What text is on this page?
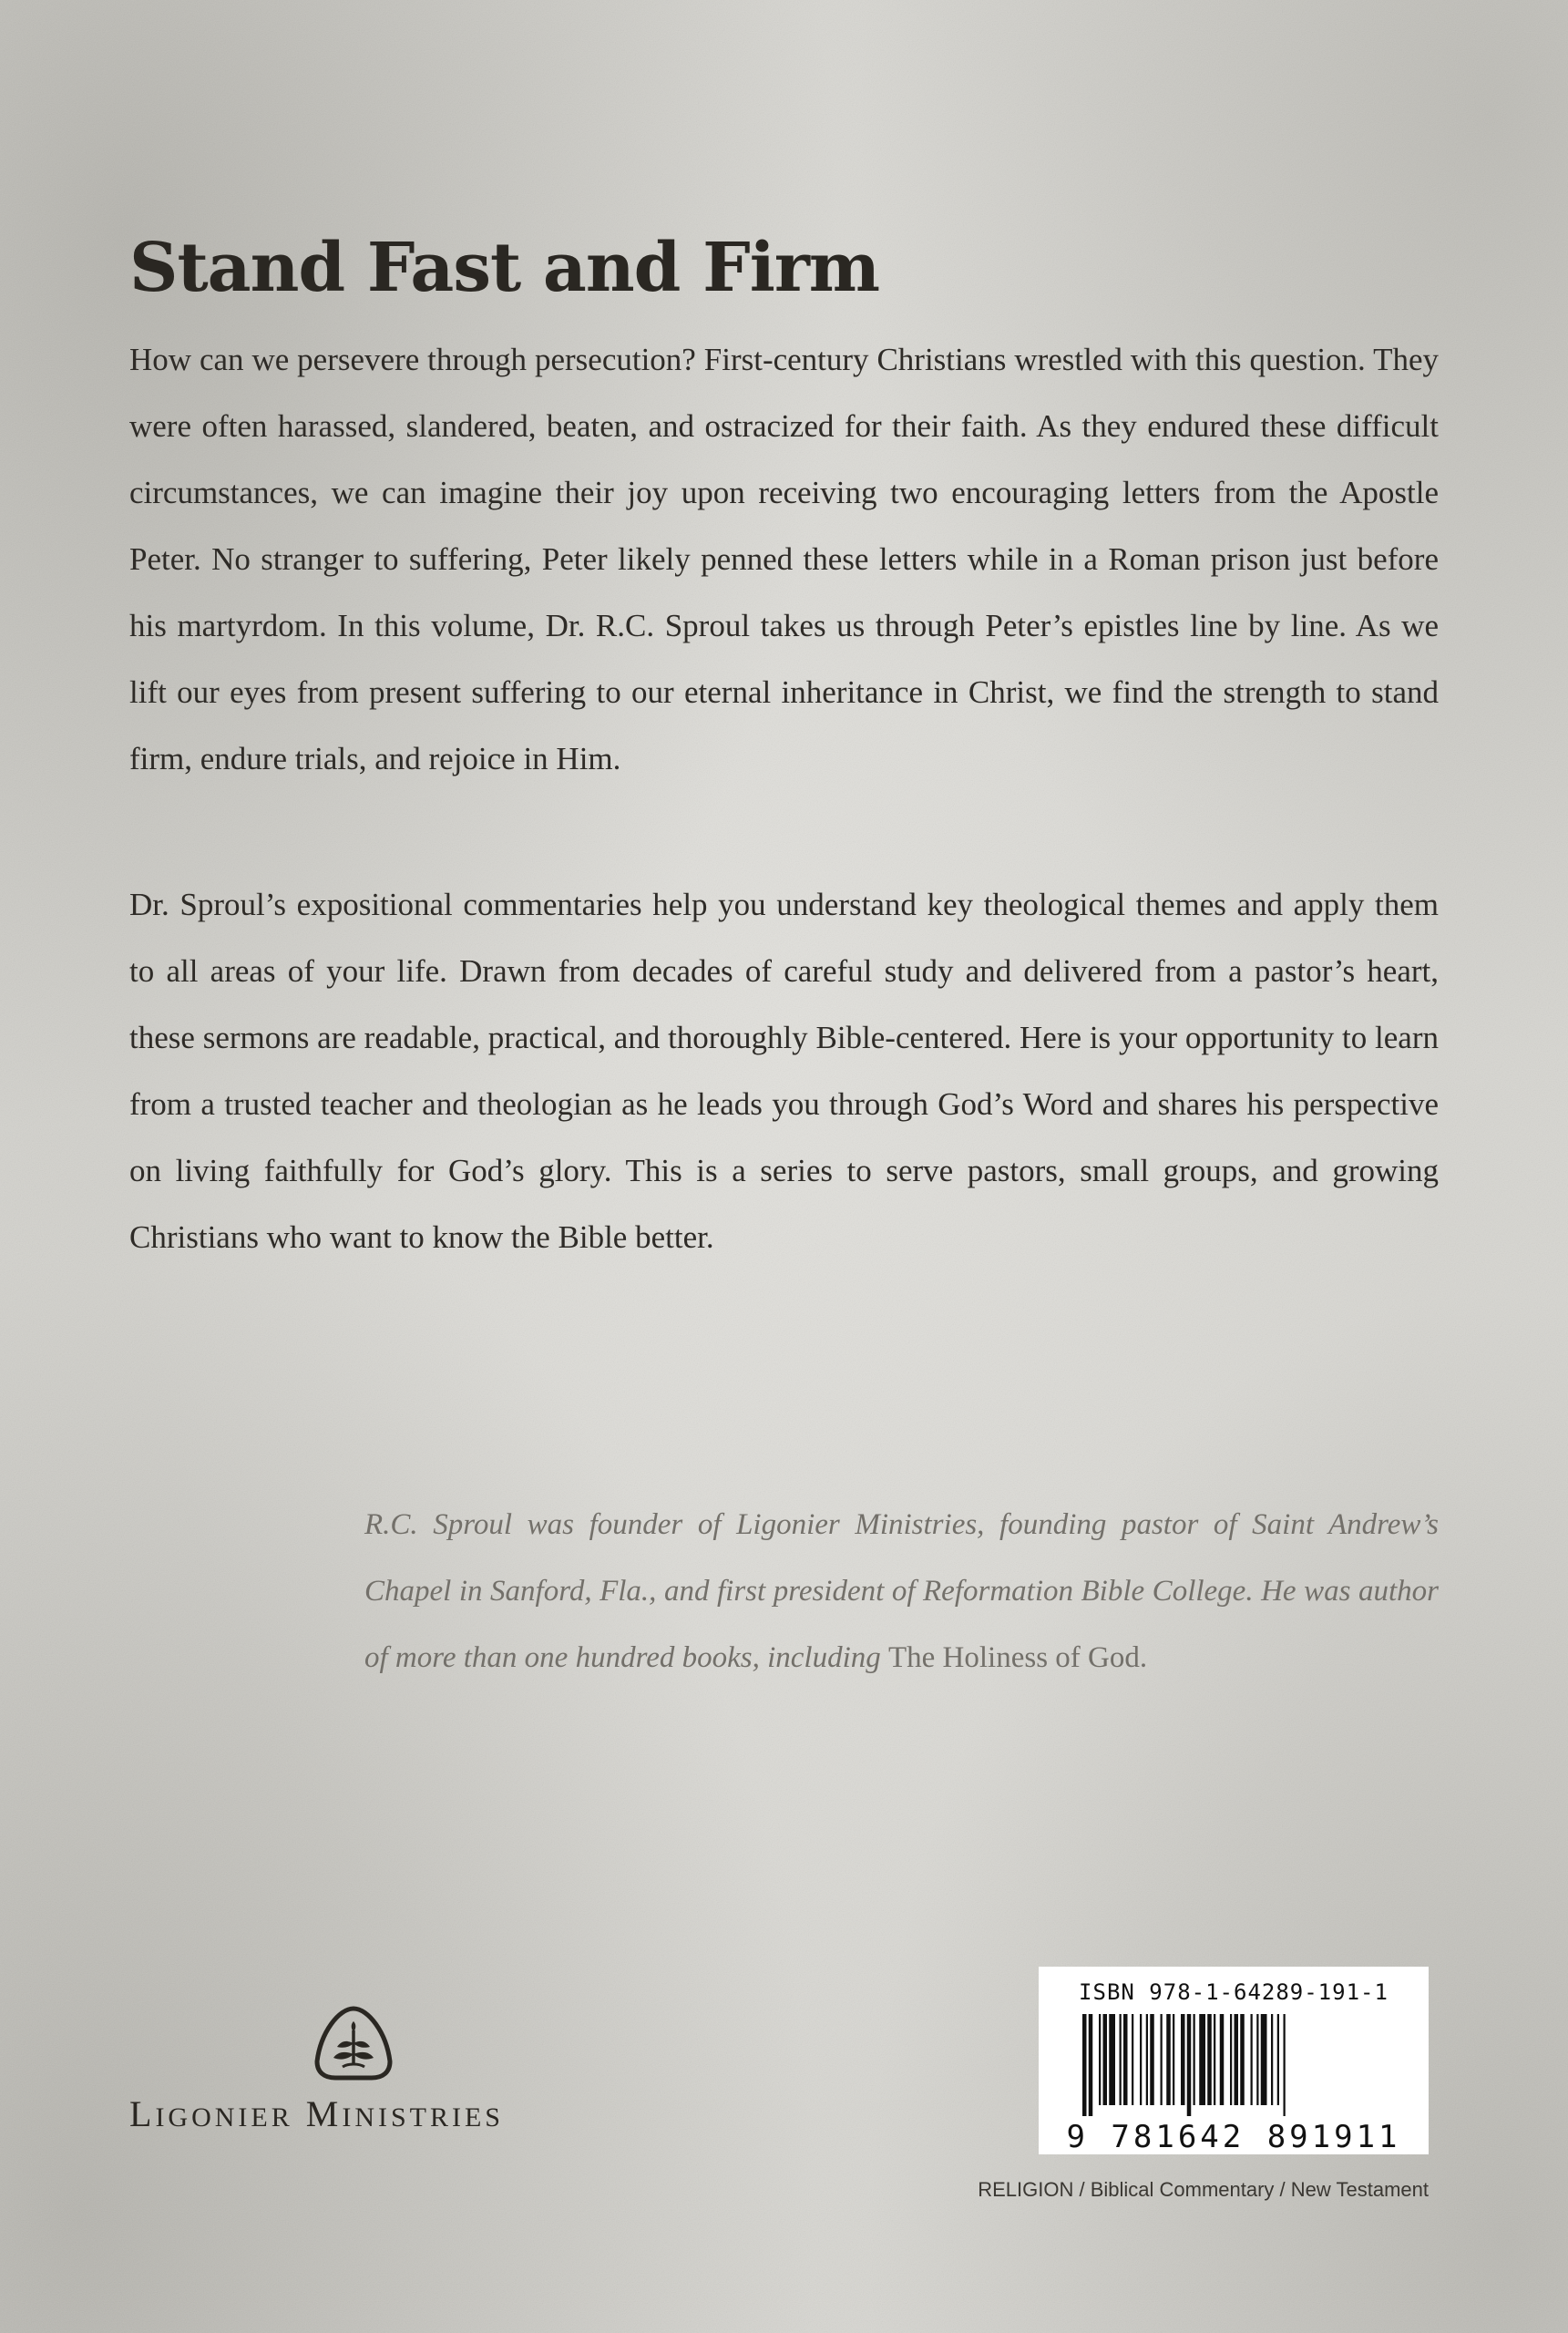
Stand Fast and Firm

How can we persevere through persecution? First-century Christians wrestled with this question. They were often harassed, slandered, beaten, and ostracized for their faith. As they endured these difficult circumstances, we can imagine their joy upon receiving two encouraging letters from the Apostle Peter. No stranger to suffering, Peter likely penned these letters while in a Roman prison just before his martyrdom. In this volume, Dr. R.C. Sproul takes us through Peter’s epistles line by line. As we lift our eyes from present suffering to our eternal inheritance in Christ, we find the strength to stand firm, endure trials, and rejoice in Him.

Dr. Sproul’s expositional commentaries help you understand key theological themes and apply them to all areas of your life. Drawn from decades of careful study and delivered from a pastor’s heart, these sermons are readable, practical, and thoroughly Bible-centered. Here is your opportunity to learn from a trusted teacher and theologian as he leads you through God’s Word and shares his perspective on living faithfully for God’s glory. This is a series to serve pastors, small groups, and growing Christians who want to know the Bible better.

R.C. Sproul was founder of Ligonier Ministries, founding pastor of Saint Andrew’s Chapel in Sanford, Fla., and first president of Reformation Bible College. He was author of more than one hundred books, including The Holiness of God.

LIGONIER MINISTRIES
ISBN 978-1-64289-191-1
9 781642 891911
RELIGION / Biblical Commentary / New Testament
